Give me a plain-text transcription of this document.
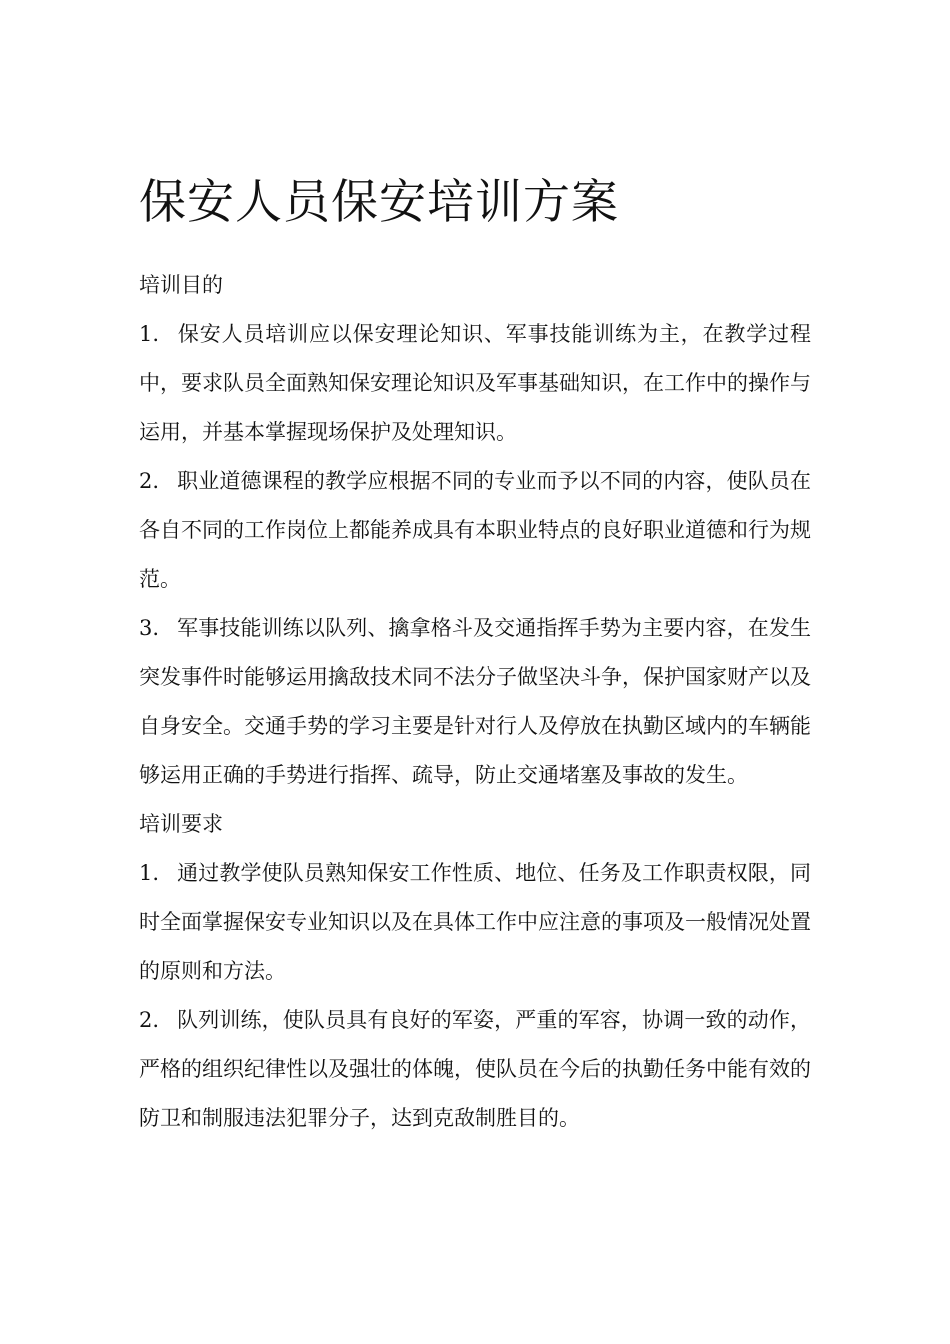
保安人员保安培训方案
培训目的

1. 保安人员培训应以保安理论知识、军事技能训练为主，在教学过程中，要求队员全面熟知保安理论知识及军事基础知识，在工作中的操作与运用，并基本掌握现场保护及处理知识。

2. 职业道德课程的教学应根据不同的专业而予以不同的内容，使队员在各自不同的工作岗位上都能养成具有本职业特点的良好职业道德和行为规范。

3. 军事技能训练以队列、擒拿格斗及交通指挥手势为主要内容，在发生突发事件时能够运用擒敌技术同不法分子做坚决斗争，保护国家财产以及自身安全。交通手势的学习主要是针对行人及停放在执勤区域内的车辆能够运用正确的手势进行指挥、疏导，防止交通堵塞及事故的发生。

培训要求

1. 通过教学使队员熟知保安工作性质、地位、任务及工作职责权限，同时全面掌握保安专业知识以及在具体工作中应注意的事项及一般情况处置的原则和方法。

2. 队列训练，使队员具有良好的军姿，严重的军容，协调一致的动作，严格的组织纪律性以及强壮的体魄，使队员在今后的执勤任务中能有效的防卫和制服违法犯罪分子，达到克敌制胜目的。
